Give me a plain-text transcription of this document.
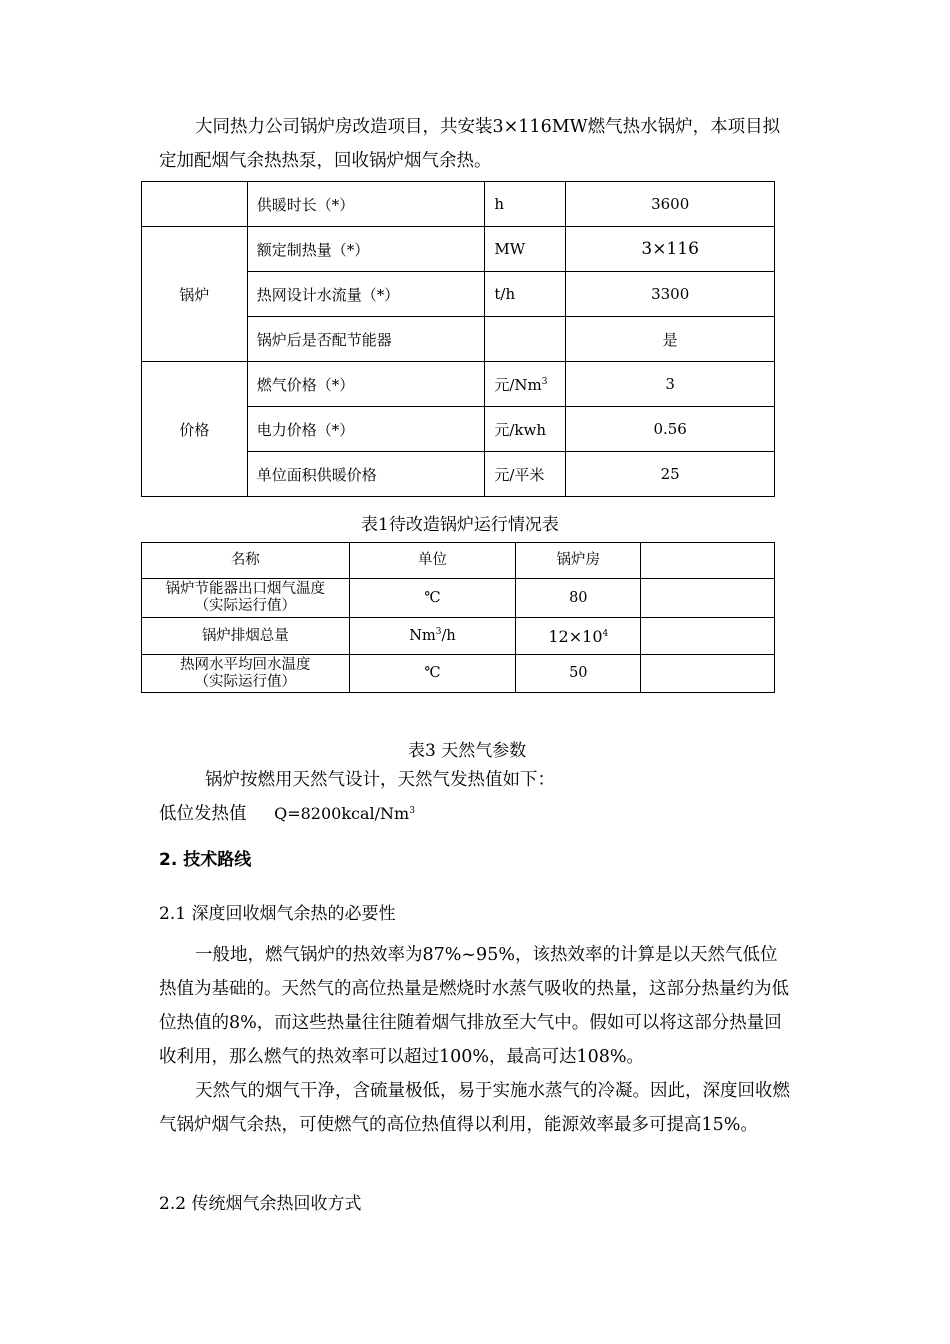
大同热力公司锅炉房改造项目，共安装3×116MW燃气热水锅炉，本项目拟定加配烟气余热热泵，回收锅炉烟气余热。
	供暖时长（*）	h	3600
锅炉	额定制热量（*）	MW	3×116
	热网设计水流量（*）	t/h	3300
	锅炉后是否配节能器		是
价格	燃气价格（*）	元/Nm$^3$	3
	电力价格（*）	元/kwh	0.56
	单位面积供暖价格	元/平米	25
表1待改造锅炉运行情况表
名称	单位	锅炉房	

锅炉节能器出口烟气温度
（实际运行值）	℃	80	
锅炉排烟总量	Nm$^3$/h	$12\times 10^4$	

热网水平均回水温度
（实际运行值）	℃	50	
表3 天然气参数
锅炉按燃用天然气设计，天然气发热值如下：
低位发热值 $Q=8200kcal/Nm^3$
2. 技术路线
2.1 深度回收烟气余热的必要性
一般地，燃气锅炉的热效率为87%~95%，该热效率的计算是以天然气低位热值为基础的。天然气的高位热量是燃烧时水蒸气吸收的热量，这部分热量约为低位热值的8%，而这些热量往往随着烟气排放至大气中。假如可以将这部分热量回收利用，那么燃气的热效率可以超过100%，最高可达108%。
天然气的烟气干净，含硫量极低，易于实施水蒸气的冷凝。因此，深度回收燃气锅炉烟气余热，可使燃气的高位热值得以利用，能源效率最多可提高15%。
2.2 传统烟气余热回收方式
